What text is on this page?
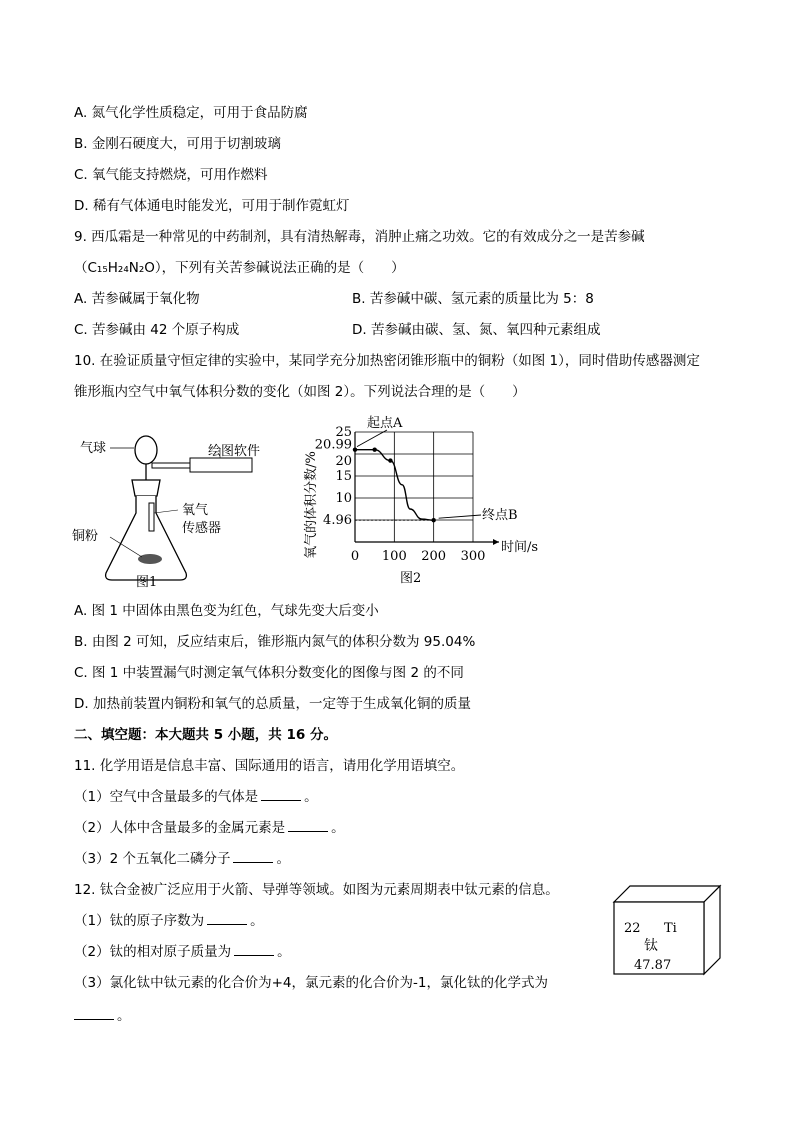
A. 氮气化学性质稳定，可用于食品防腐
B. 金刚石硬度大，可用于切割玻璃
C. 氧气能支持燃烧，可用作燃料
D. 稀有气体通电时能发光，可用于制作霓虹灯
9. 西瓜霜是一种常见的中药制剂，具有清热解毒，消肿止痛之功效。它的有效成分之一是苦参碱
（C₁₅H₂₄N₂O），下列有关苦参碱说法正确的是（　　）
A. 苦参碱属于氧化物	B. 苦参碱中碳、氢元素的质量比为 5：8
C. 苦参碱由 42 个原子构成	D. 苦参碱由碳、氢、氮、氧四种元素组成
10. 在验证质量守恒定律的实验中，某同学充分加热密闭锥形瓶中的铜粉（如图 1），同时借助传感器测定
锥形瓶内空气中氧气体积分数的变化（如图 2）。下列说法合理的是（　　）
气球	绘图软件
氧气
传感器
铜粉
图1
25
20.99
20
15
10
4.96
0 100 200 300
氧气的体积分数/%	时间/s
起点A
终点B
图2
A. 图 1 中固体由黑色变为红色，气球先变大后变小
B. 由图 2 可知，反应结束后，锥形瓶内氮气的体积分数为 95.04%
C. 图 1 中装置漏气时测定氧气体积分数变化的图像与图 2 的不同
D. 加热前装置内铜粉和氧气的总质量，一定等于生成氧化铜的质量
二、填空题：本大题共 5 小题，共 16 分。
11. 化学用语是信息丰富、国际通用的语言，请用化学用语填空。
（1）空气中含量最多的气体是	。
（2）人体中含量最多的金属元素是	。
（3）2 个五氧化二磷分子	。
12. 钛合金被广泛应用于火箭、导弹等领域。如图为元素周期表中钛元素的信息。
（1）钛的原子序数为	。
（2）钛的相对原子质量为	。
（3）氯化钛中钛元素的化合价为+4，氯元素的化合价为-1，氯化钛的化学式为
。
22 Ti
钛
47.87
